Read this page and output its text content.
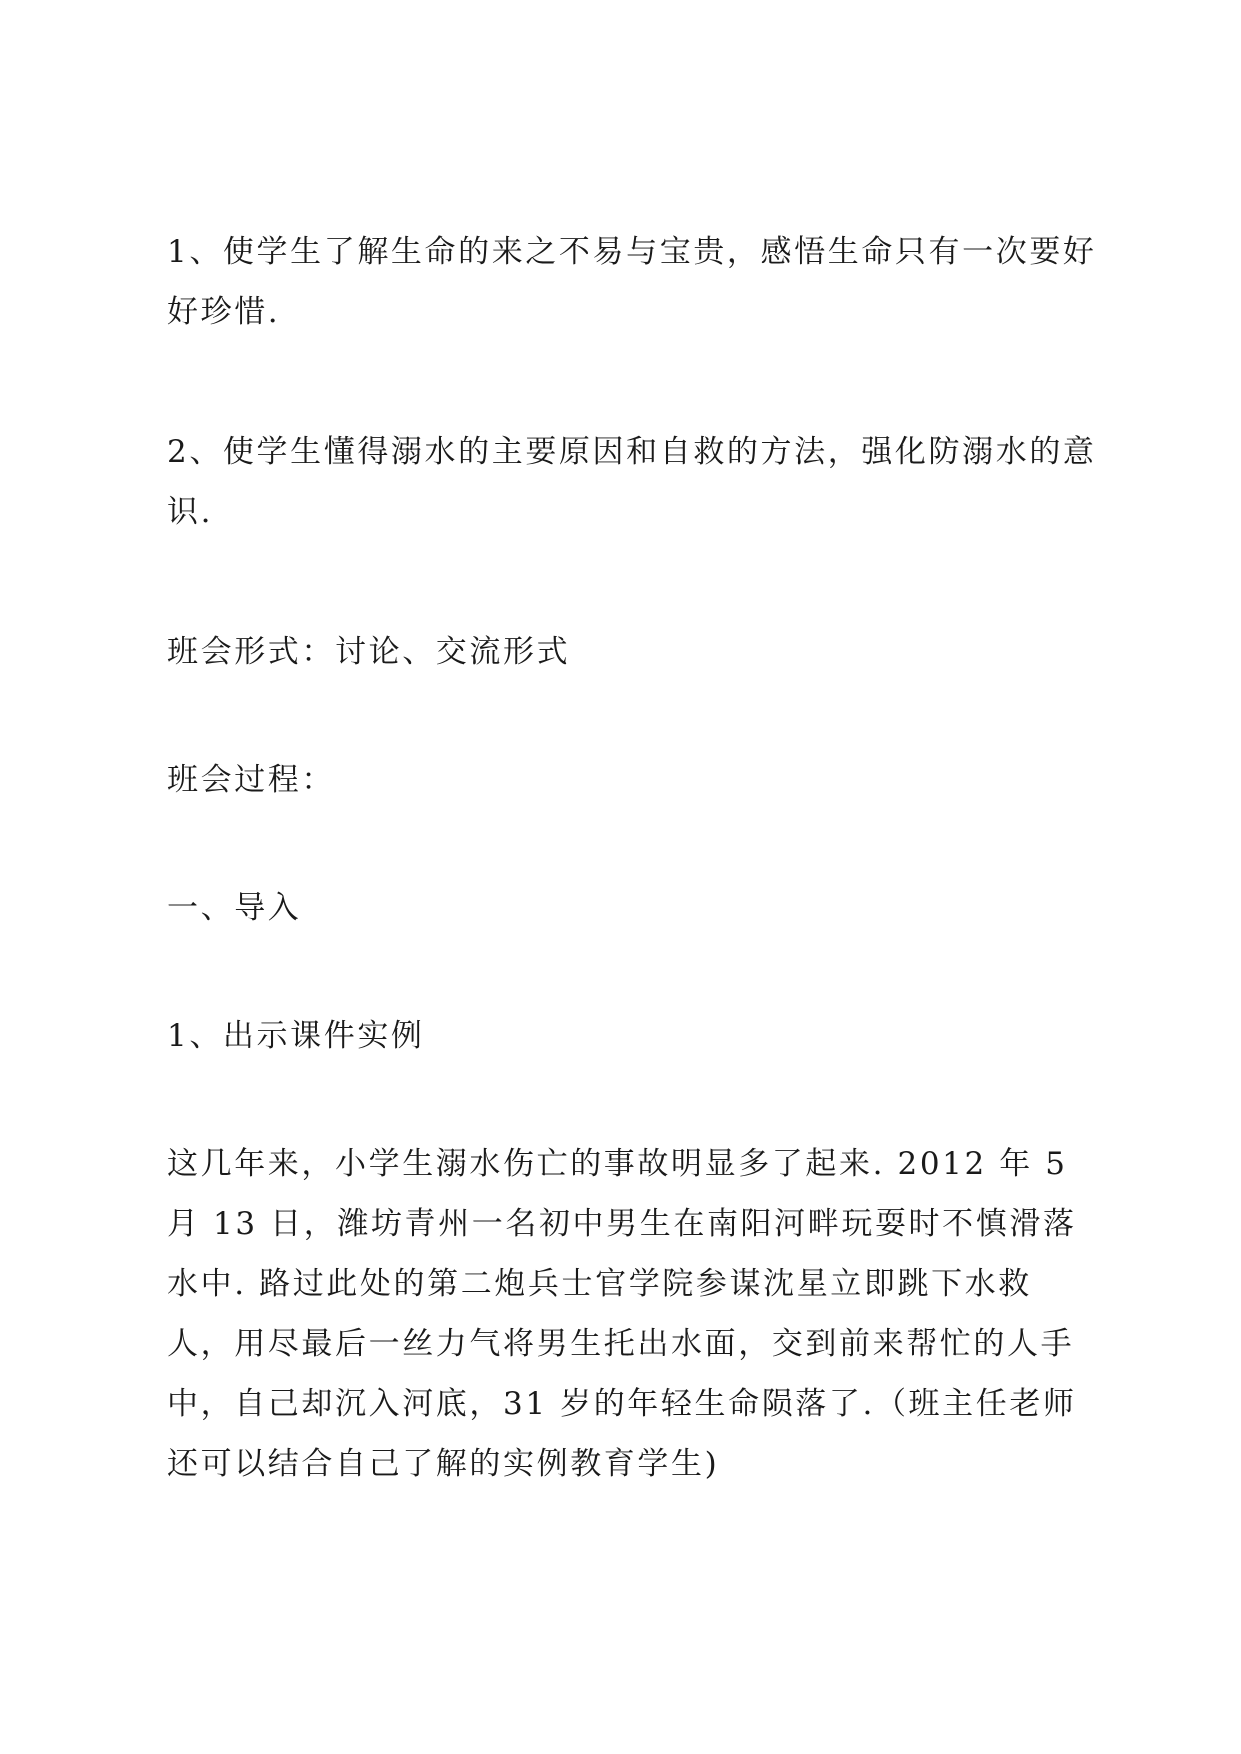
1、使学生了解生命的来之不易与宝贵，感悟生命只有一次要好好珍惜.

2、使学生懂得溺水的主要原因和自救的方法，强化防溺水的意识.

班会形式：讨论、交流形式

班会过程：

一、导入

1、出示课件实例

这几年来，小学生溺水伤亡的事故明显多了起来. 2012 年 5 月 13 日，潍坊青州一名初中男生在南阳河畔玩耍时不慎滑落水中. 路过此处的第二炮兵士官学院参谋沈星立即跳下水救人，用尽最后一丝力气将男生托出水面，交到前来帮忙的人手中，自己却沉入河底，31 岁的年轻生命陨落了.（班主任老师还可以结合自己了解的实例教育学生)
